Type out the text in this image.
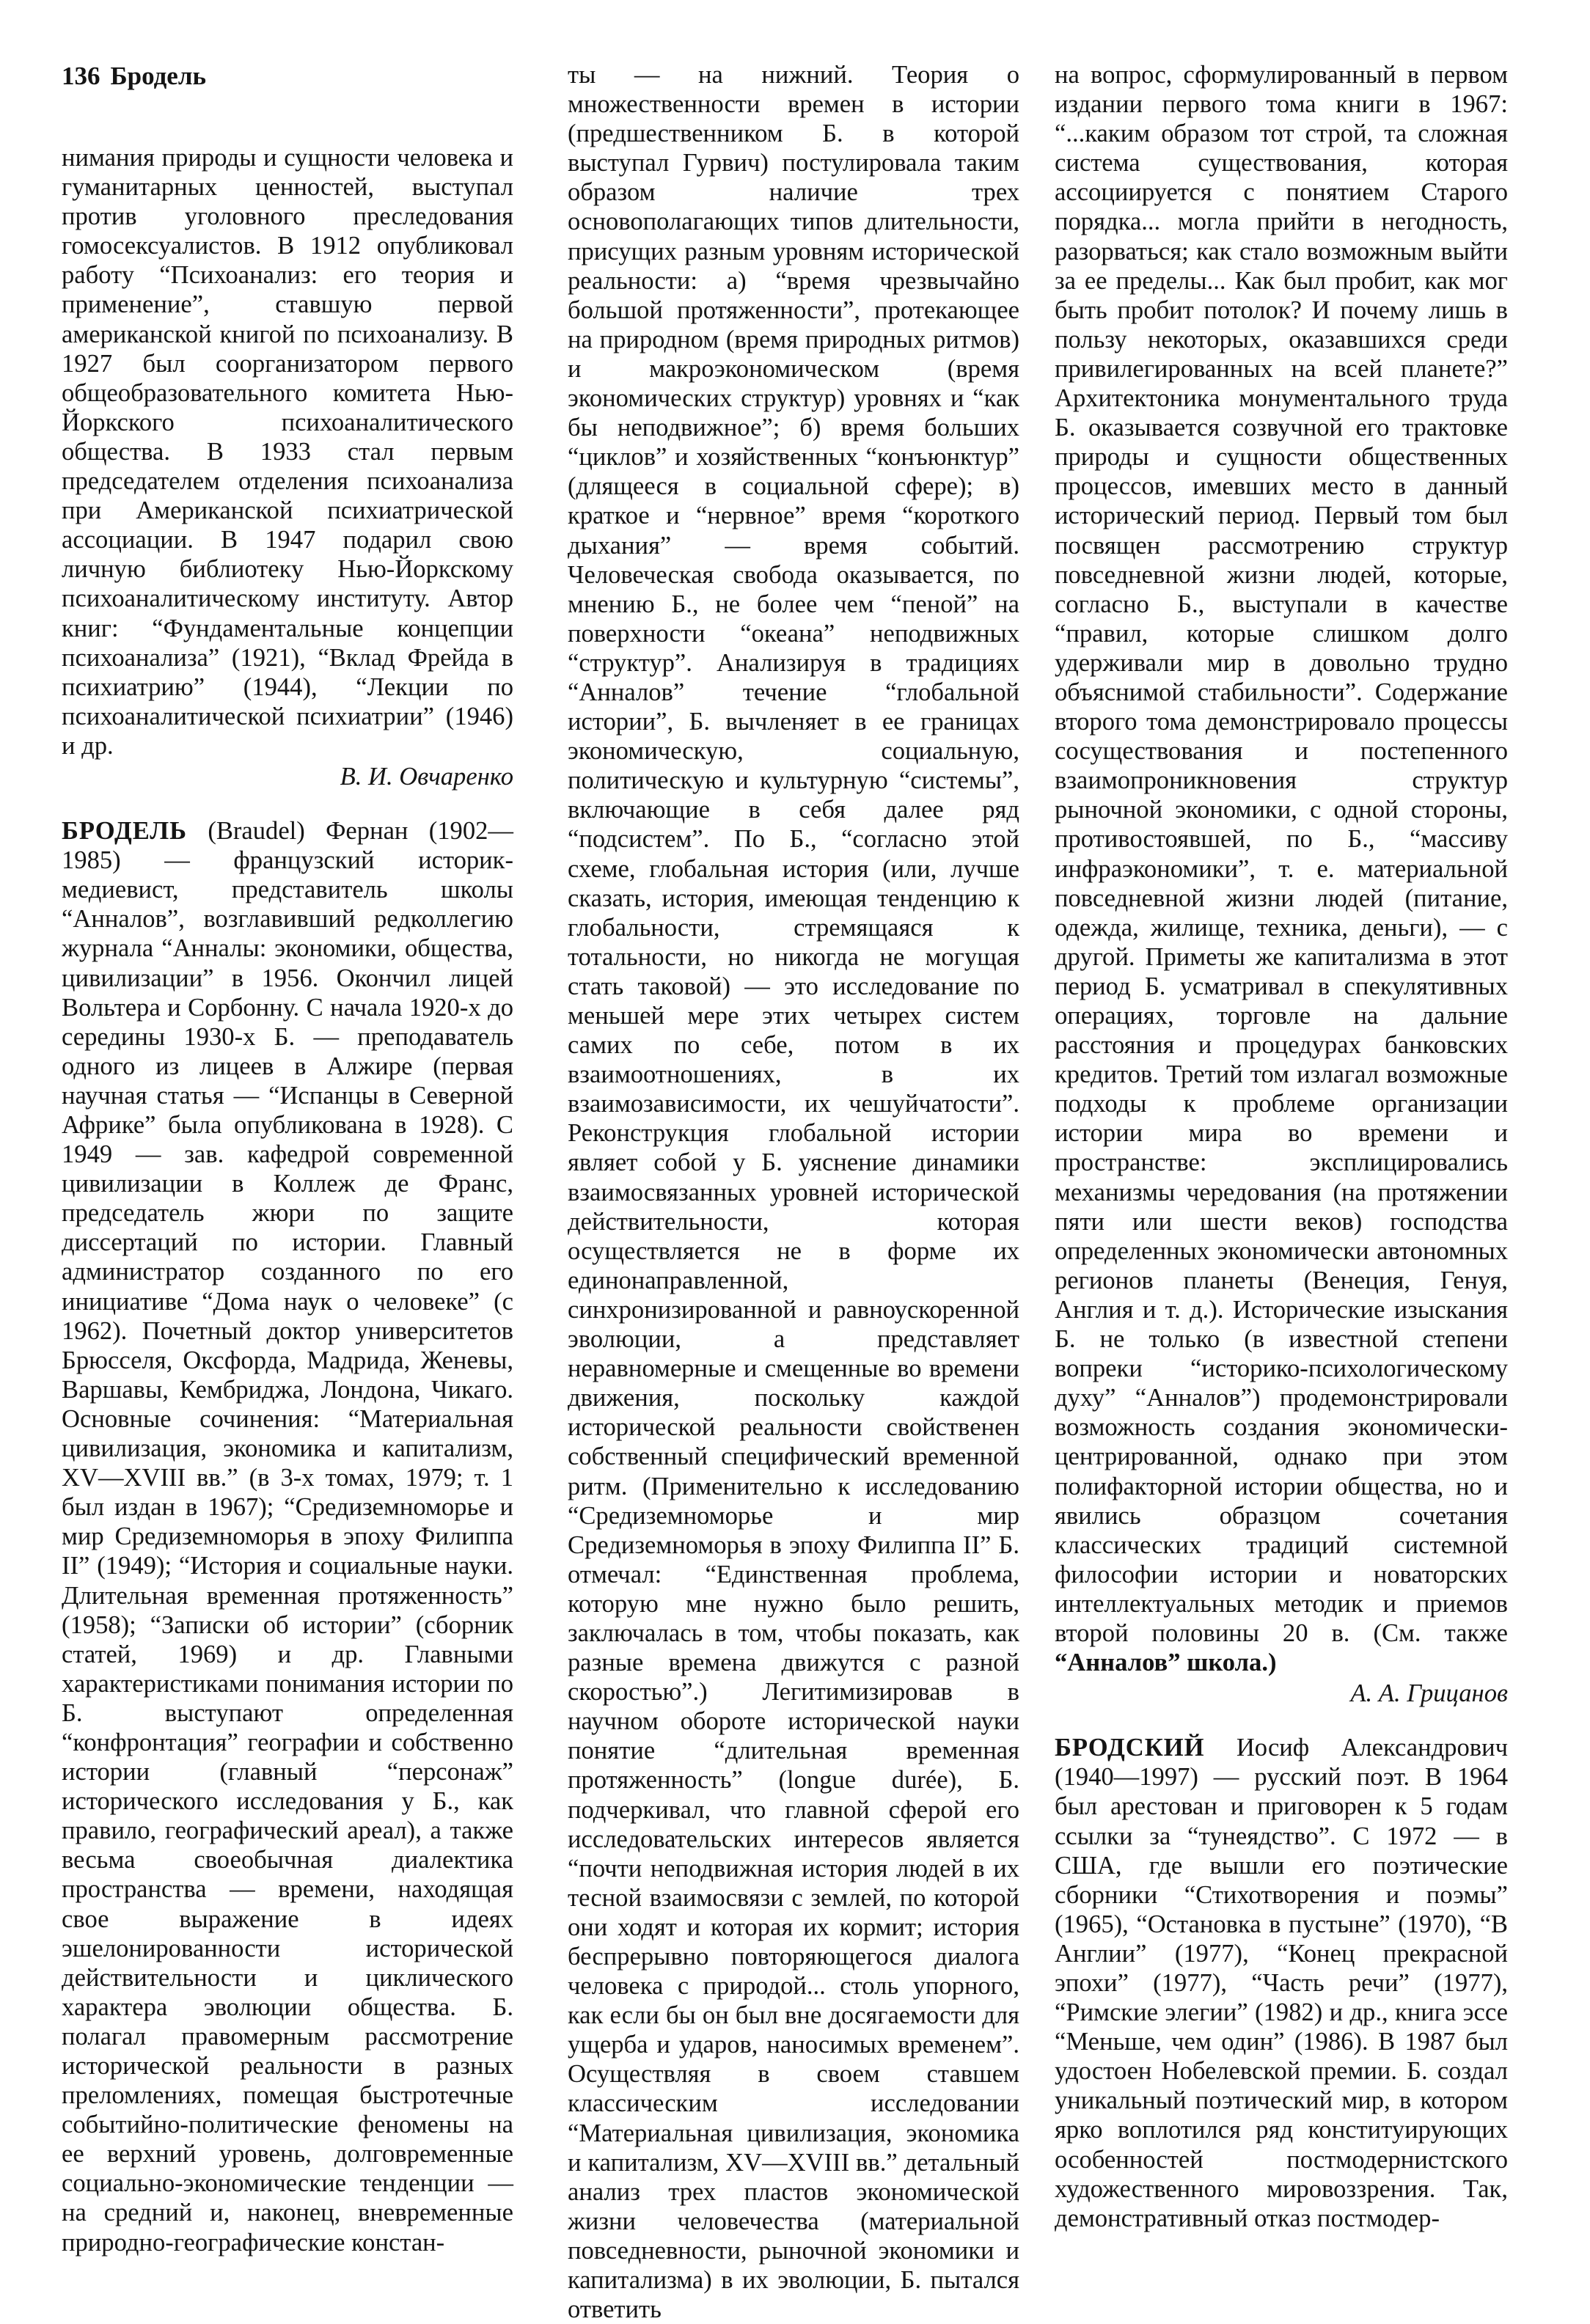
136 Бродель

нимания природы и сущности человека и гуманитарных ценностей, выступал против уголовного преследования гомосексуалистов. В 1912 опубликовал работу “Психоанализ: его теория и применение”, ставшую первой американской книгой по психоанализу. В 1927 был соорганизатором первого общеобразовательного комитета Нью-Йоркского психоаналитического общества. В 1933 стал первым председателем отделения психоанализа при Американской психиатрической ассоциации. В 1947 подарил свою личную библиотеку Нью-Йоркскому психоаналитическому институту. Автор книг: “Фундаментальные концепции психоанализа” (1921), “Вклад Фрейда в психиатрию” (1944), “Лекции по психоаналитической психиатрии” (1946) и др.

В. И. Овчаренко

БРОДЕЛЬ (Braudel) Фернан (1902—1985) — французский историк-медиевист, представитель школы “Анналов”, возглавивший редколлегию журнала “Анналы: экономики, общества, цивилизации” в 1956. Окончил лицей Вольтера и Сорбонну. С начала 1920-х до середины 1930-х Б. — преподаватель одного из лицеев в Алжире (первая научная статья — “Испанцы в Северной Африке” была опубликована в 1928). С 1949 — зав. кафедрой современной цивилизации в Коллеж де Франс, председатель жюри по защите диссертаций по истории. Главный администратор созданного по его инициативе “Дома наук о человеке” (с 1962). Почетный доктор университетов Брюсселя, Оксфорда, Мадрида, Женевы, Варшавы, Кембриджа, Лондона, Чикаго. Основные сочинения: “Материальная цивилизация, экономика и капитализм, XV—XVIII вв.” (в 3-х томах, 1979; т. 1 был издан в 1967); “Средиземноморье и мир Средиземноморья в эпоху Филиппа II” (1949); “История и социальные науки. Длительная временная протяженность” (1958); “Записки об истории” (сборник статей, 1969) и др. Главными характеристиками понимания истории по Б. выступают определенная “конфронтация” географии и собственно истории (главный “персонаж” исторического исследования у Б., как правило, географический ареал), а также весьма своеобычная диалектика пространства — времени, находящая свое выражение в идеях эшелонированности исторической действительности и циклического характера эволюции общества. Б. полагал правомерным рассмотрение исторической реальности в разных преломлениях, помещая быстротечные событийно-политические феномены на ее верхний уровень, долговременные социально-экономические тенденции — на средний и, наконец, вневременные природно-географические констан-

ты — на нижний. Теория о множественности времен в истории (предшественником Б. в которой выступал Гурвич) постулировала таким образом наличие трех основополагающих типов длительности, присущих разным уровням исторической реальности: а) “время чрезвычайно большой протяженности”, протекающее на природном (время природных ритмов) и макроэкономическом (время экономических структур) уровнях и “как бы неподвижное”; б) время больших “циклов” и хозяйственных “конъюнктур” (длящееся в социальной сфере); в) краткое и “нервное” время “короткого дыхания” — время событий. Человеческая свобода оказывается, по мнению Б., не более чем “пеной” на поверхности “океана” неподвижных “структур”. Анализируя в традициях “Анналов” течение “глобальной истории”, Б. вычленяет в ее границах экономическую, социальную, политическую и культурную “системы”, включающие в себя далее ряд “подсистем”. По Б., “согласно этой схеме, глобальная история (или, лучше сказать, история, имеющая тенденцию к глобальности, стремящаяся к тотальности, но никогда не могущая стать таковой) — это исследование по меньшей мере этих четырех систем самих по себе, потом в их взаимоотношениях, в их взаимозависимости, их чешуйчатости”. Реконструкция глобальной истории являет собой у Б. уяснение динамики взаимосвязанных уровней исторической действительности, которая осуществляется не в форме их единонаправленной, синхронизированной и равноускоренной эволюции, а представляет неравномерные и смещенные во времени движения, поскольку каждой исторической реальности свойственен собственный специфический временной ритм. (Применительно к исследованию “Средиземноморье и мир Средиземноморья в эпоху Филиппа II” Б. отмечал: “Единственная проблема, которую мне нужно было решить, заключалась в том, чтобы показать, как разные времена движутся с разной скоростью”.) Легитимизировав в научном обороте исторической науки понятие “длительная временная протяженность” (longue durée), Б. подчеркивал, что главной сферой его исследовательских интересов является “почти неподвижная история людей в их тесной взаимосвязи с землей, по которой они ходят и которая их кормит; история беспрерывно повторяющегося диалога человека с природой... столь упорного, как если бы он был вне досягаемости для ущерба и ударов, наносимых временем”. Осуществляя в своем ставшем классическим исследовании “Материальная цивилизация, экономика и капитализм, XV—XVIII вв.” детальный анализ трех пластов экономической жизни человечества (материальной повседневности, рыночной экономики и капитализма) в их эволюции, Б. пытался ответить

на вопрос, сформулированный в первом издании первого тома книги в 1967: “...каким образом тот строй, та сложная система существования, которая ассоциируется с понятием Старого порядка... могла прийти в негодность, разорваться; как стало возможным выйти за ее пределы... Как был пробит, как мог быть пробит потолок? И почему лишь в пользу некоторых, оказавшихся среди привилегированных на всей планете?” Архитектоника монументального труда Б. оказывается созвучной его трактовке природы и сущности общественных процессов, имевших место в данный исторический период. Первый том был посвящен рассмотрению структур повседневной жизни людей, которые, согласно Б., выступали в качестве “правил, которые слишком долго удерживали мир в довольно трудно объяснимой стабильности”. Содержание второго тома демонстрировало процессы сосуществования и постепенного взаимопроникновения структур рыночной экономики, с одной стороны, противостоявшей, по Б., “массиву инфраэкономики”, т. е. материальной повседневной жизни людей (питание, одежда, жилище, техника, деньги), — с другой. Приметы же капитализма в этот период Б. усматривал в спекулятивных операциях, торговле на дальние расстояния и процедурах банковских кредитов. Третий том излагал возможные подходы к проблеме организации истории мира во времени и пространстве: эксплицировались механизмы чередования (на протяжении пяти или шести веков) господства определенных экономически автономных регионов планеты (Венеция, Генуя, Англия и т. д.). Исторические изыскания Б. не только (в известной степени вопреки “историко-психологическому духу” “Анналов”) продемонстрировали возможность создания экономически-центрированной, однако при этом полифакторной истории общества, но и явились образцом сочетания классических традиций системной философии истории и новаторских интеллектуальных методик и приемов второй половины 20 в. (См. также “Анналов” школа.)

А. А. Грицанов

БРОДСКИЙ Иосиф Александрович (1940—1997) — русский поэт. В 1964 был арестован и приговорен к 5 годам ссылки за “тунеядство”. С 1972 — в США, где вышли его поэтические сборники “Стихотворения и поэмы” (1965), “Остановка в пустыне” (1970), “В Англии” (1977), “Конец прекрасной эпохи” (1977), “Часть речи” (1977), “Римские элегии” (1982) и др., книга эссе “Меньше, чем один” (1986). В 1987 был удостоен Нобелевской премии. Б. создал уникальный поэтический мир, в котором ярко воплотился ряд конституирующих особенностей постмодернистского художественного мировоззрения. Так, демонстративный отказ постмодер-
